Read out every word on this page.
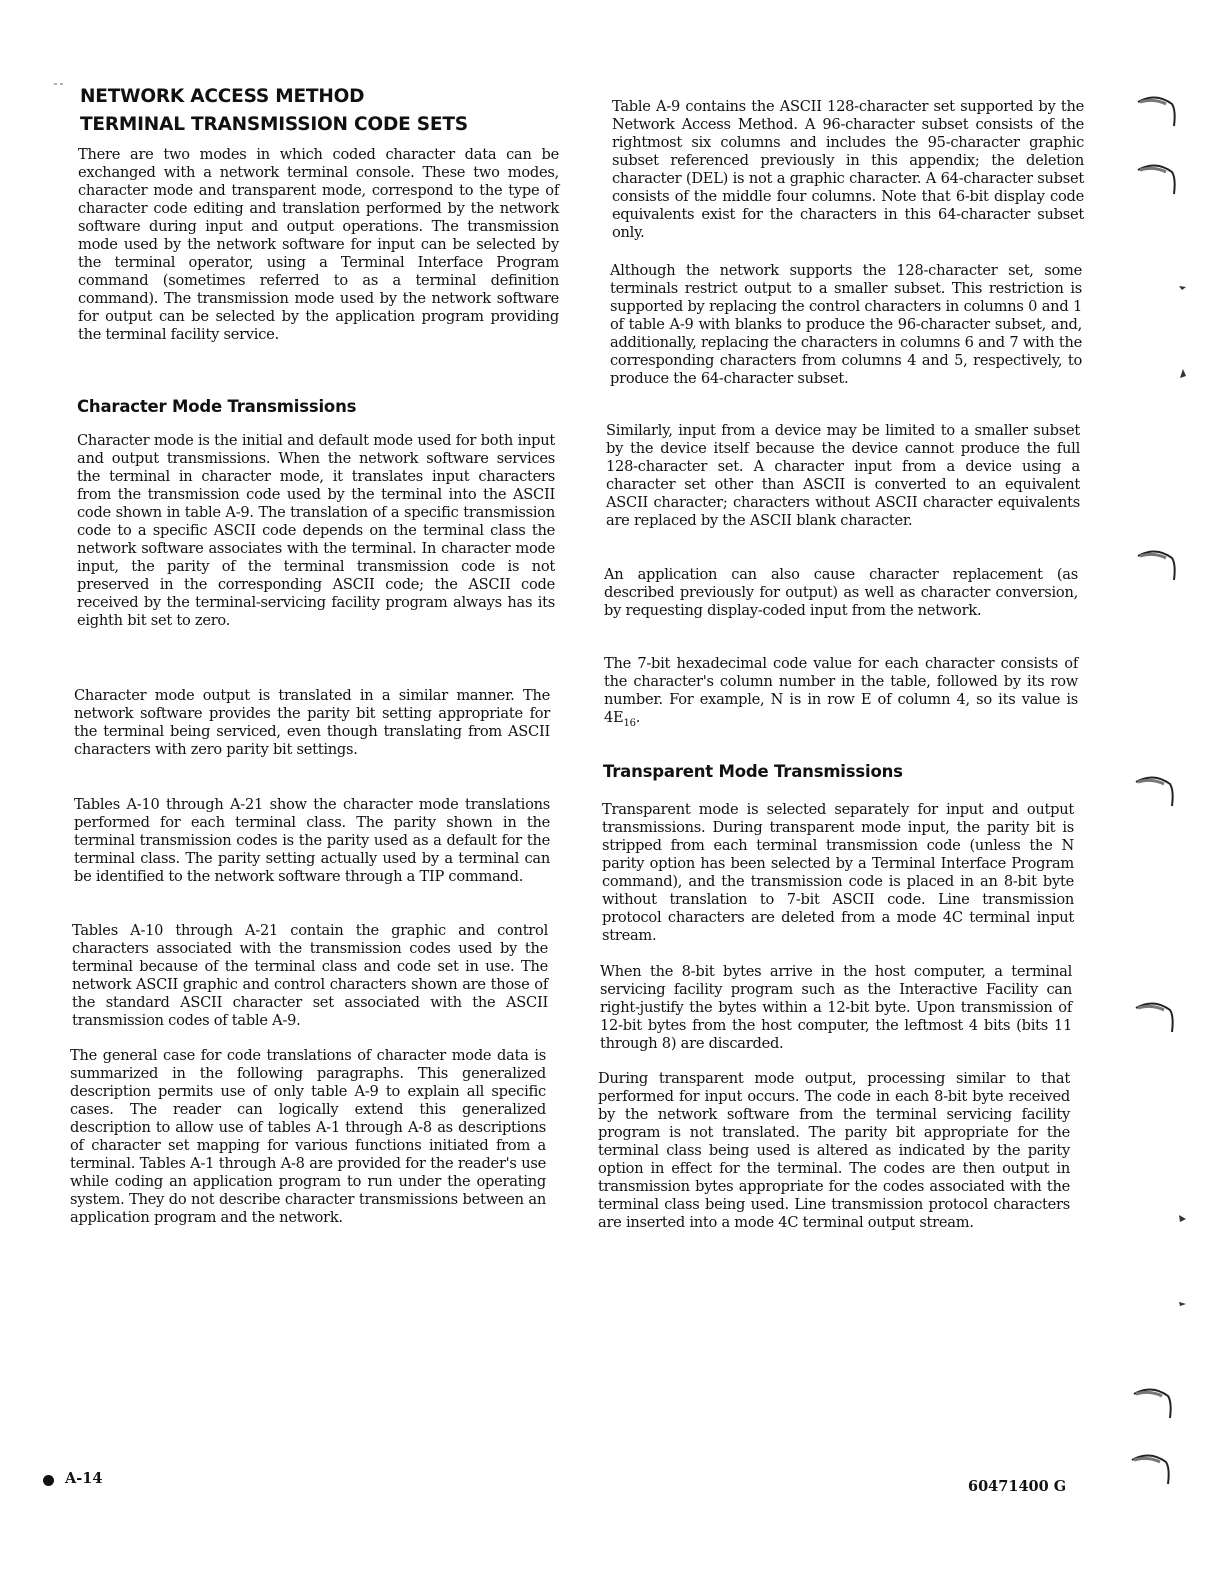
NETWORK ACCESS METHOD
TERMINAL TRANSMISSION CODE SETS

There are two modes in which coded character data can be exchanged with a network terminal console. These two modes, character mode and transparent mode, correspond to the type of character code editing and translation performed by the network software during input and output operations. The transmission mode used by the network software for input can be selected by the terminal operator, using a Terminal Interface Program command (sometimes referred to as a terminal definition command). The transmission mode used by the network software for output can be selected by the application program providing the terminal facility service.

Character Mode Transmissions

Character mode is the initial and default mode used for both input and output transmissions. When the network software services the terminal in character mode, it translates input characters from the transmission code used by the terminal into the ASCII code shown in table A-9. The translation of a specific transmission code to a specific ASCII code depends on the terminal class the network software associates with the terminal. In character mode input, the parity of the terminal transmission code is not preserved in the corresponding ASCII code; the ASCII code received by the terminal-servicing facility program always has its eighth bit set to zero.

Character mode output is translated in a similar manner. The network software provides the parity bit setting appropriate for the terminal being serviced, even though translating from ASCII characters with zero parity bit settings.

Tables A-10 through A-21 show the character mode translations performed for each terminal class. The parity shown in the terminal transmission codes is the parity used as a default for the terminal class. The parity setting actually used by a terminal can be identified to the network software through a TIP command.

Tables A-10 through A-21 contain the graphic and control characters associated with the transmission codes used by the terminal because of the terminal class and code set in use. The network ASCII graphic and control characters shown are those of the standard ASCII character set associated with the ASCII transmission codes of table A-9.

The general case for code translations of character mode data is summarized in the following paragraphs. This generalized description permits use of only table A-9 to explain all specific cases. The reader can logically extend this generalized description to allow use of tables A-1 through A-8 as descriptions of character set mapping for various functions initiated from a terminal. Tables A-1 through A-8 are provided for the reader's use while coding an application program to run under the operating system. They do not describe character transmissions between an application program and the network.

Table A-9 contains the ASCII 128-character set supported by the Network Access Method. A 96-character subset consists of the rightmost six columns and includes the 95-character graphic subset referenced previously in this appendix; the deletion character (DEL) is not a graphic character. A 64-character subset consists of the middle four columns. Note that 6-bit display code equivalents exist for the characters in this 64-character subset only.

Although the network supports the 128-character set, some terminals restrict output to a smaller subset. This restriction is supported by replacing the control characters in columns 0 and 1 of table A-9 with blanks to produce the 96-character subset, and, additionally, replacing the characters in columns 6 and 7 with the corresponding characters from columns 4 and 5, respectively, to produce the 64-character subset.

Similarly, input from a device may be limited to a smaller subset by the device itself because the device cannot produce the full 128-character set. A character input from a device using a character set other than ASCII is converted to an equivalent ASCII character; characters without ASCII character equivalents are replaced by the ASCII blank character.

An application can also cause character replacement (as described previously for output) as well as character conversion, by requesting display-coded input from the network.

The 7-bit hexadecimal code value for each character consists of the character's column number in the table, followed by its row number. For example, N is in row E of column 4, so its value is $4E_{16}$.

Transparent Mode Transmissions

Transparent mode is selected separately for input and output transmissions. During transparent mode input, the parity bit is stripped from each terminal transmission code (unless the N parity option has been selected by a Terminal Interface Program command), and the transmission code is placed in an 8-bit byte without translation to 7-bit ASCII code. Line transmission protocol characters are deleted from a mode 4C terminal input stream.

When the 8-bit bytes arrive in the host computer, a terminal servicing facility program such as the Interactive Facility can right-justify the bytes within a 12-bit byte. Upon transmission of 12-bit bytes from the host computer, the leftmost 4 bits (bits 11 through 8) are discarded.

During transparent mode output, processing similar to that performed for input occurs. The code in each 8-bit byte received by the network software from the terminal servicing facility program is not translated. The parity bit appropriate for the terminal class being used is altered as indicated by the parity option in effect for the terminal. The codes are then output in transmission bytes appropriate for the codes associated with the terminal class being used. Line transmission protocol characters are inserted into a mode 4C terminal output stream.

A-14	60471400 G
